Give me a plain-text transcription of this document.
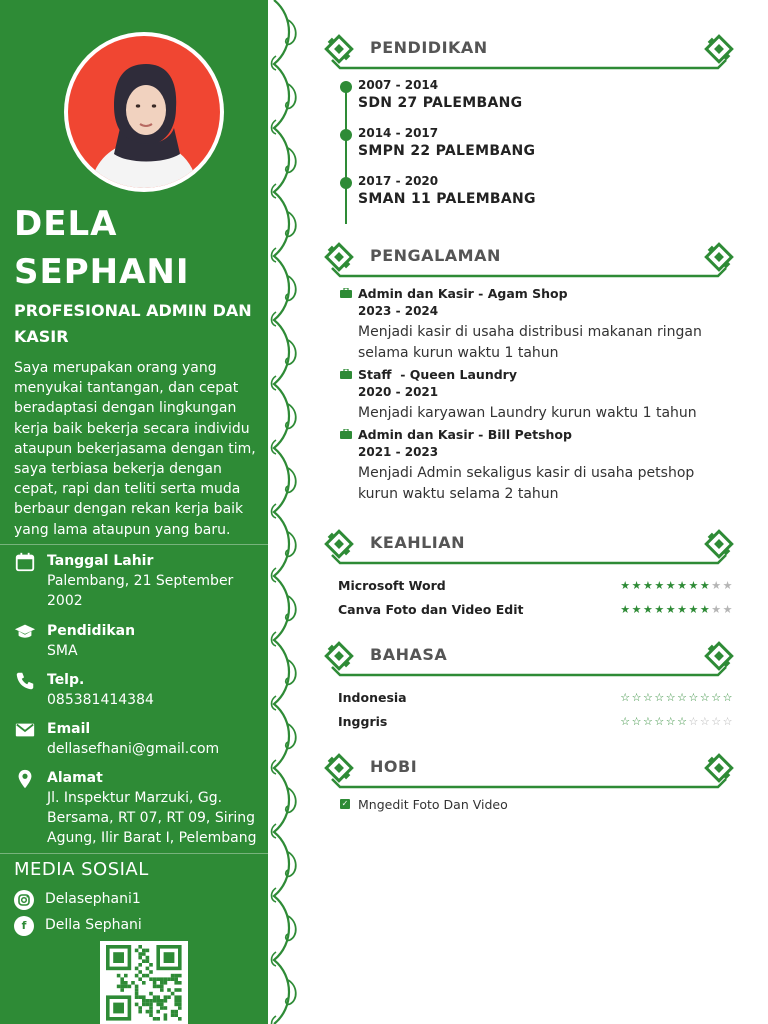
DELA
SEPHANI
PROFESIONAL ADMIN DAN KASIR
Saya merupakan orang yang menyukai tantangan, dan cepat beradaptasi dengan lingkungan kerja baik bekerja secara individu ataupun bekerjasama dengan tim, saya terbiasa bekerja dengan cepat, rapi dan teliti serta muda berbaur dengan rekan kerja baik yang lama ataupun yang baru.
Tanggal Lahir
Palembang, 21 September 2002
Pendidikan
SMA
Telp.
085381414384
Email
dellasefhani@gmail.com
Alamat
Jl. Inspektur Marzuki, Gg. Bersama, RT 07, RT 09, Siring Agung, Ilir Barat I, Pelembang
MEDIA SOSIAL
Delasephani1
f	Della Sephani
PENDIDIKAN
2007 - 2014
SDN 27 PALEMBANG
2014 - 2017
SMPN 22 PALEMBANG
2017 - 2020
SMAN 11 PALEMBANG
PENGALAMAN
Admin dan Kasir - Agam Shop
2023 - 2024
Menjadi kasir di usaha distribusi makanan ringan selama kurun waktu 1 tahun
Staff  - Queen Laundry
2020 - 2021
Menjadi karyawan Laundry kurun waktu 1 tahun
Admin dan Kasir - Bill Petshop
2021 - 2023
Menjadi Admin sekaligus kasir di usaha petshop kurun waktu selama 2 tahun
KEAHLIAN
Microsoft Word	★★★★★★★★★★
Canva Foto dan Video Edit	★★★★★★★★★★
BAHASA
Indonesia	☆☆☆☆☆☆☆☆☆☆
Inggris	☆☆☆☆☆☆☆☆☆☆
HOBI
✓ Mngedit Foto Dan Video
